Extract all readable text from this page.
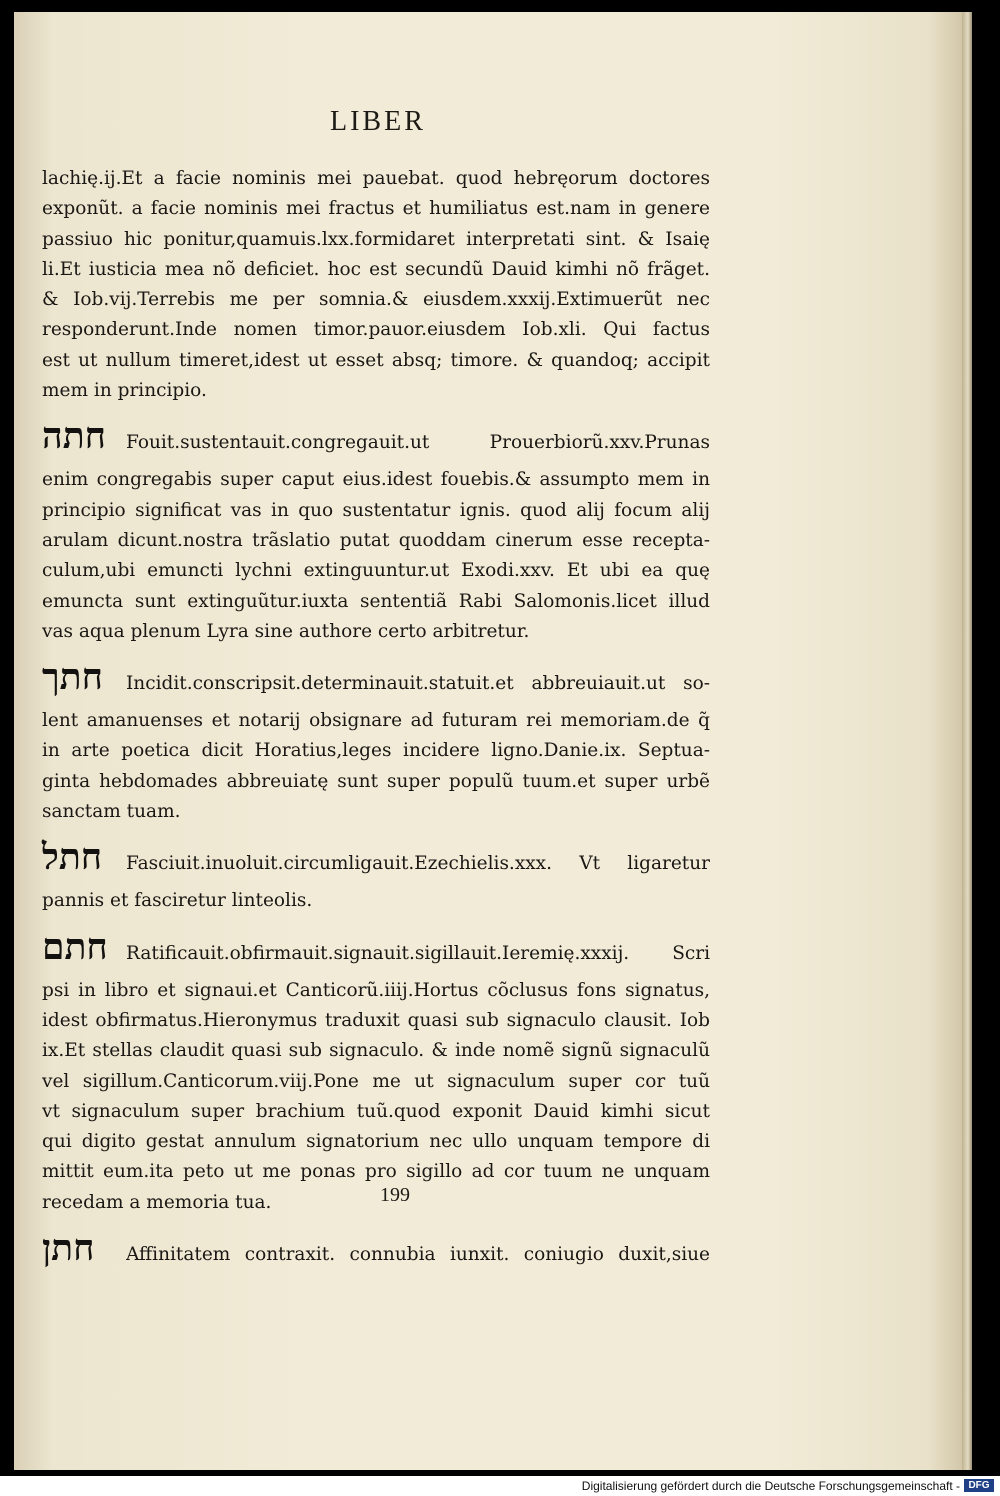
LIBER
lachię.ij.Et a facie nominis mei pauebat. quod hebręorum doctores
exponũt. a facie nominis mei fractus et humiliatus est.nam in genere
passiuo hic ponitur,quamuis.lxx.formidaret interpretati sint. & Isaię
li.Et iusticia mea nõ deficiet. hoc est secundũ Dauid kimhi nõ frãget.
& Iob.vij.Terrebis me per somnia.& eiusdem.xxxij.Extimuerũt nec
responderunt.Inde nomen timor.pauor.eiusdem Iob.xli. Qui factus
est ut nullum timeret,idest ut esset absq; timore. & quandoq; accipit
mem in principio.
חתה	Fouit.sustentauit.congregauit.ut Prouerbiorũ.xxv.Prunas
enim congregabis super caput eius.idest fouebis.& assumpto mem in
principio significat vas in quo sustentatur ignis. quod alij focum alij
arulam dicunt.nostra trãslatio putat quoddam cinerum esse recepta-
culum,ubi emuncti lychni extinguuntur.ut Exodi.xxv. Et ubi ea quę
emuncta sunt extinguũtur.iuxta sententiã Rabi Salomonis.licet illud
vas aqua plenum Lyra sine authore certo arbitretur.
חתך	Incidit.conscripsit.determinauit.statuit.et abbreuiauit.ut so-
lent amanuenses et notarij obsignare ad futuram rei memoriam.de q̃
in arte poetica dicit Horatius,leges incidere ligno.Danie.ix. Septua-
ginta hebdomades abbreuiatę sunt super populũ tuum.et super urbẽ
sanctam tuam.
חתל	Fasciuit.inuoluit.circumligauit.Ezechielis.xxx. Vt ligaretur
pannis et fasciretur linteolis.
חתם Ratificauit.obfirmauit.signauit.sigillauit.Ieremię.xxxij. Scri
psi in libro et signaui.et Canticorũ.iiij.Hortus cõclusus fons signatus,
idest obfirmatus.Hieronymus traduxit quasi sub signaculo clausit. Iob
ix.Et stellas claudit quasi sub signaculo. & inde nomẽ signũ signaculũ
vel sigillum.Canticorum.viij.Pone me ut signaculum super cor tuũ
vt signaculum super brachium tuũ.quod exponit Dauid kimhi sicut
qui digito gestat annulum signatorium nec ullo unquam tempore di
mittit eum.ita peto ut me ponas pro sigillo ad cor tuum ne unquam
recedam a memoria tua.
חתן	Affinitatem contraxit. connubia iunxit. coniugio duxit,siue
199
Digitalisierung gefördert durch die Deutsche Forschungsgemeinschaft - DFG
